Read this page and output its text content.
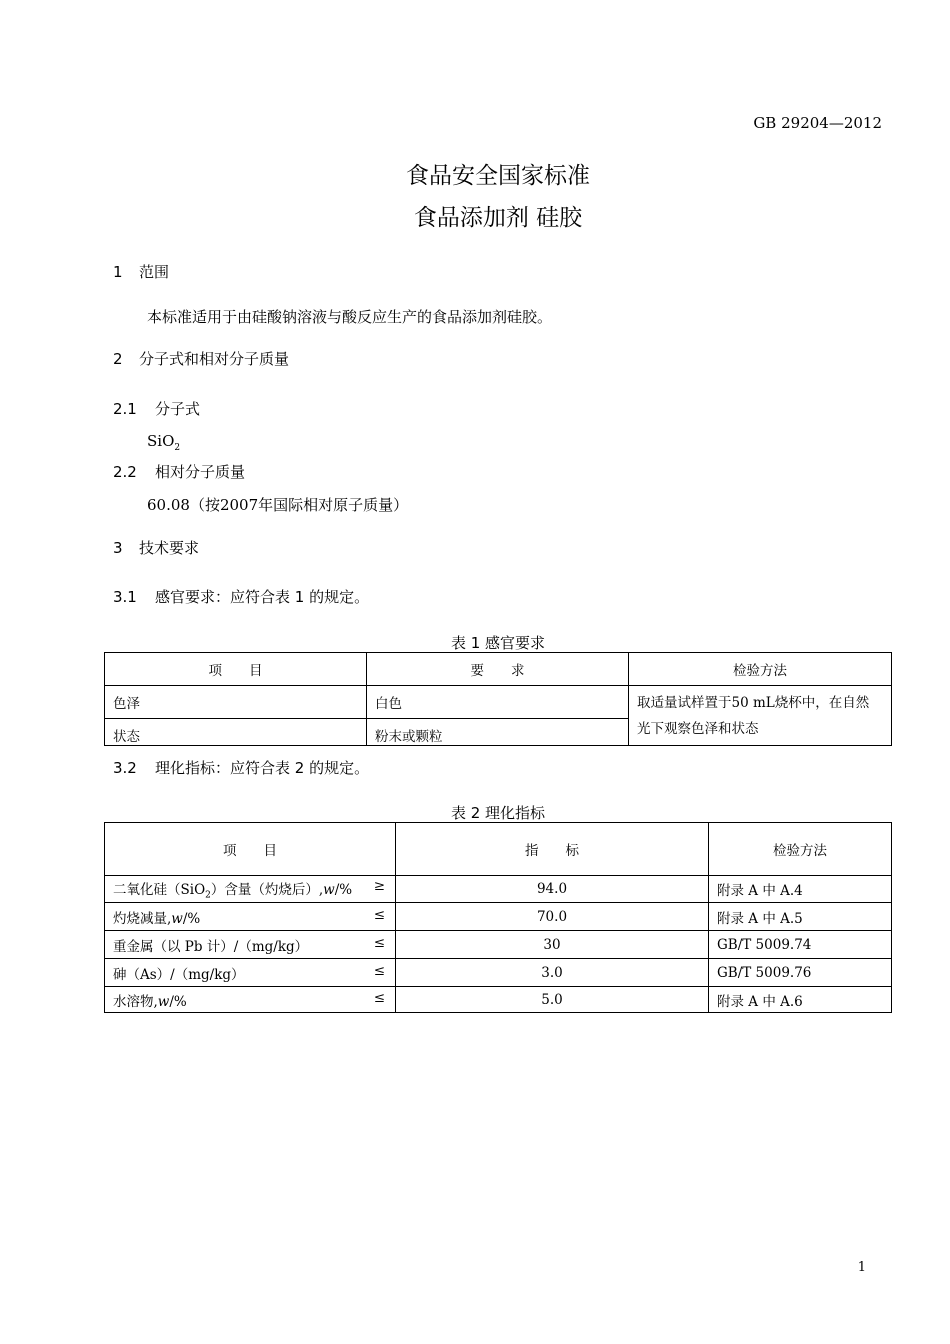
GB 29204—2012
食品安全国家标准
食品添加剂 硅胶
1 范围
本标准适用于由硅酸钠溶液与酸反应生产的食品添加剂硅胶。
2 分子式和相对分子质量
2.1 分子式
SiO$_2$
2.2 相对分子质量
60.08（按2007年国际相对原子质量）
3 技术要求
3.1 感官要求：应符合表 1 的规定。
表 1 感官要求
项　　目	要　　求	检验方法
色泽	白色	取适量试样置于50 mL烧杯中，在自然
光下观察色泽和状态

状态	粉末或颗粒	
3.2 理化指标：应符合表 2 的规定。
表 2 理化指标
项　　目	指　　标	检验方法
二氧化硅（SiO$_2$）含量（灼烧后）,w/% ≥	94.0	附录 A 中 A.4
灼烧减量,w/% ≤	70.0	附录 A 中 A.5
重金属（以 Pb 计）/（mg/kg） ≤	30	GB/T 5009.74
砷（As）/（mg/kg） ≤	3.0	GB/T 5009.76
水溶物,w/% ≤	5.0	附录 A 中 A.6
1
